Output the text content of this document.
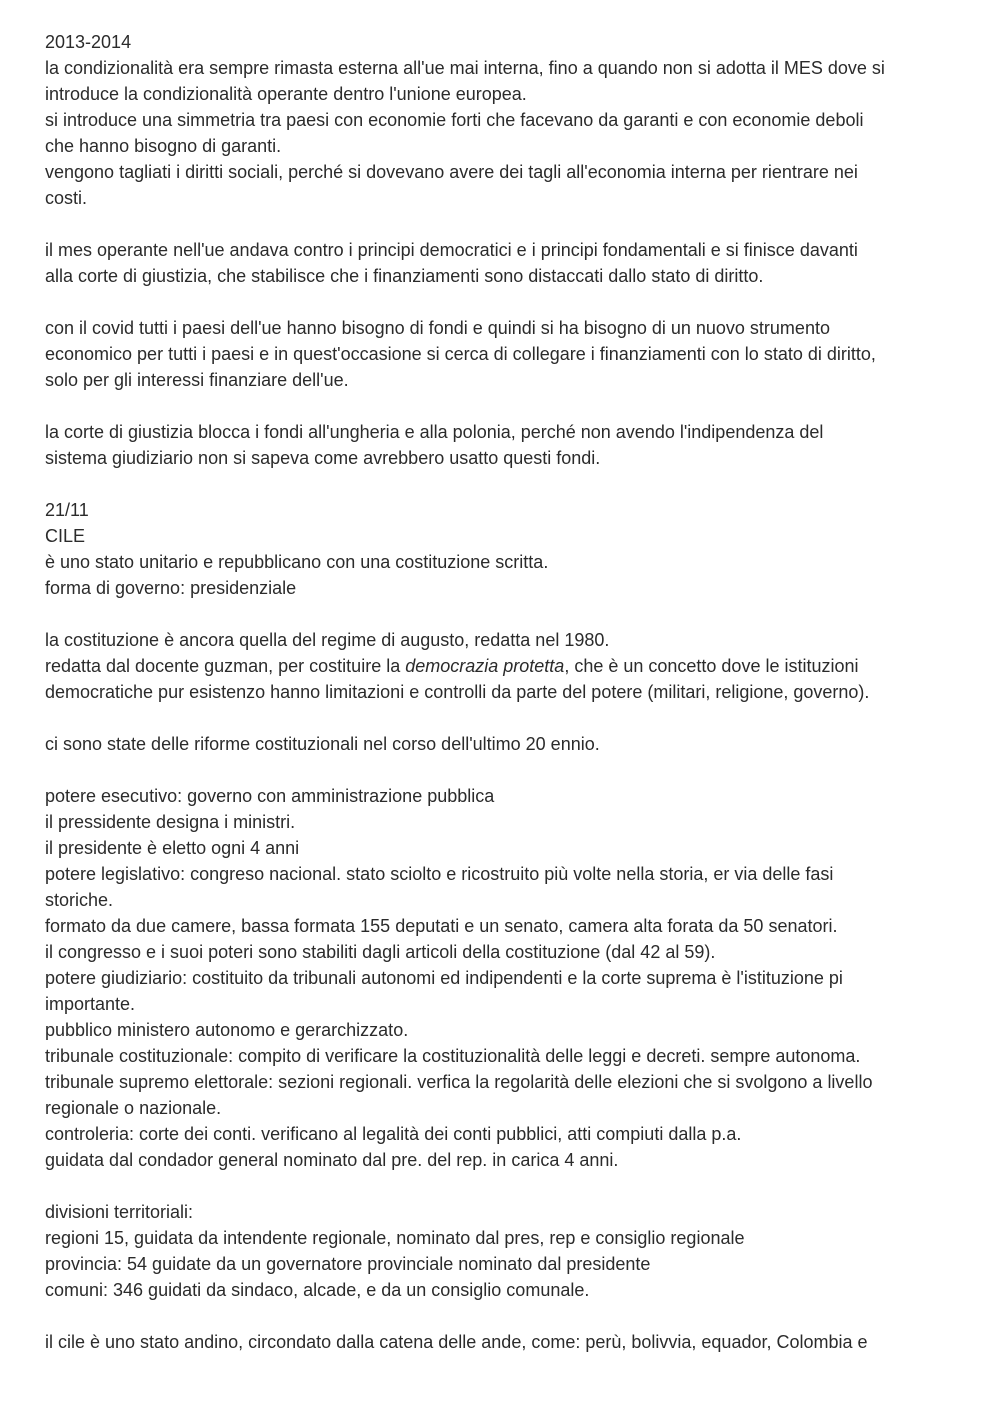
2013-2014
la condizionalità era sempre rimasta esterna all'ue mai interna, fino a quando non si adotta il MES dove si
introduce la condizionalità operante dentro l'unione europea.
si introduce una simmetria tra paesi con economie forti che facevano da garanti e con economie deboli
che hanno bisogno di garanti.
vengono tagliati i diritti sociali, perché si dovevano avere dei tagli all'economia interna per rientrare nei
costi.
il mes operante nell'ue andava contro i principi democratici e i principi fondamentali e si finisce davanti
alla corte di giustizia, che stabilisce che i finanziamenti sono distaccati dallo stato di diritto.
con il covid tutti i paesi dell'ue hanno bisogno di fondi e quindi si ha bisogno di un nuovo strumento
economico per tutti i paesi e in quest'occasione si cerca di collegare i finanziamenti con lo stato di diritto,
solo per gli interessi finanziare dell'ue.
la corte di giustizia blocca i fondi all'ungheria e alla polonia, perché non avendo l'indipendenza del
sistema giudiziario non si sapeva come avrebbero usatto questi fondi.
21/11
CILE
è uno stato unitario e repubblicano con una costituzione scritta.
forma di governo: presidenziale
la costituzione è ancora quella del regime di augusto, redatta nel 1980.
redatta dal docente guzman, per costituire la democrazia protetta, che è un concetto dove le istituzioni
democratiche pur esistenzo hanno limitazioni e controlli da parte del potere (militari, religione, governo).
ci sono state delle riforme costituzionali nel corso dell'ultimo 20 ennio.
potere esecutivo: governo con amministrazione pubblica
il pressidente designa i ministri.
il presidente è eletto ogni 4 anni
potere legislativo: congreso nacional. stato sciolto e ricostruito più volte nella storia, er via delle fasi
storiche.
formato da due camere, bassa formata 155 deputati e un senato, camera alta forata da 50 senatori.
il congresso e i suoi poteri sono stabiliti dagli articoli della costituzione (dal 42 al 59).
potere giudiziario: costituito da tribunali autonomi ed indipendenti e la corte suprema è l'istituzione pi
importante.
pubblico ministero autonomo e gerarchizzato.
tribunale costituzionale: compito di verificare la costituzionalità delle leggi e decreti. sempre autonoma.
tribunale supremo elettorale: sezioni regionali. verfica la regolarità delle elezioni che si svolgono a livello
regionale o nazionale.
controleria: corte dei conti. verificano al legalità dei conti pubblici, atti compiuti dalla p.a.
guidata dal condador general nominato dal pre. del rep. in carica 4 anni.
divisioni territoriali:
regioni 15, guidata da intendente regionale, nominato dal pres, rep e consiglio regionale
provincia: 54 guidate da un governatore provinciale nominato dal presidente
comuni: 346 guidati da sindaco, alcade, e da un consiglio comunale.
il cile è uno stato andino, circondato dalla catena delle ande, come: perù, bolivvia, equador, Colombia e
